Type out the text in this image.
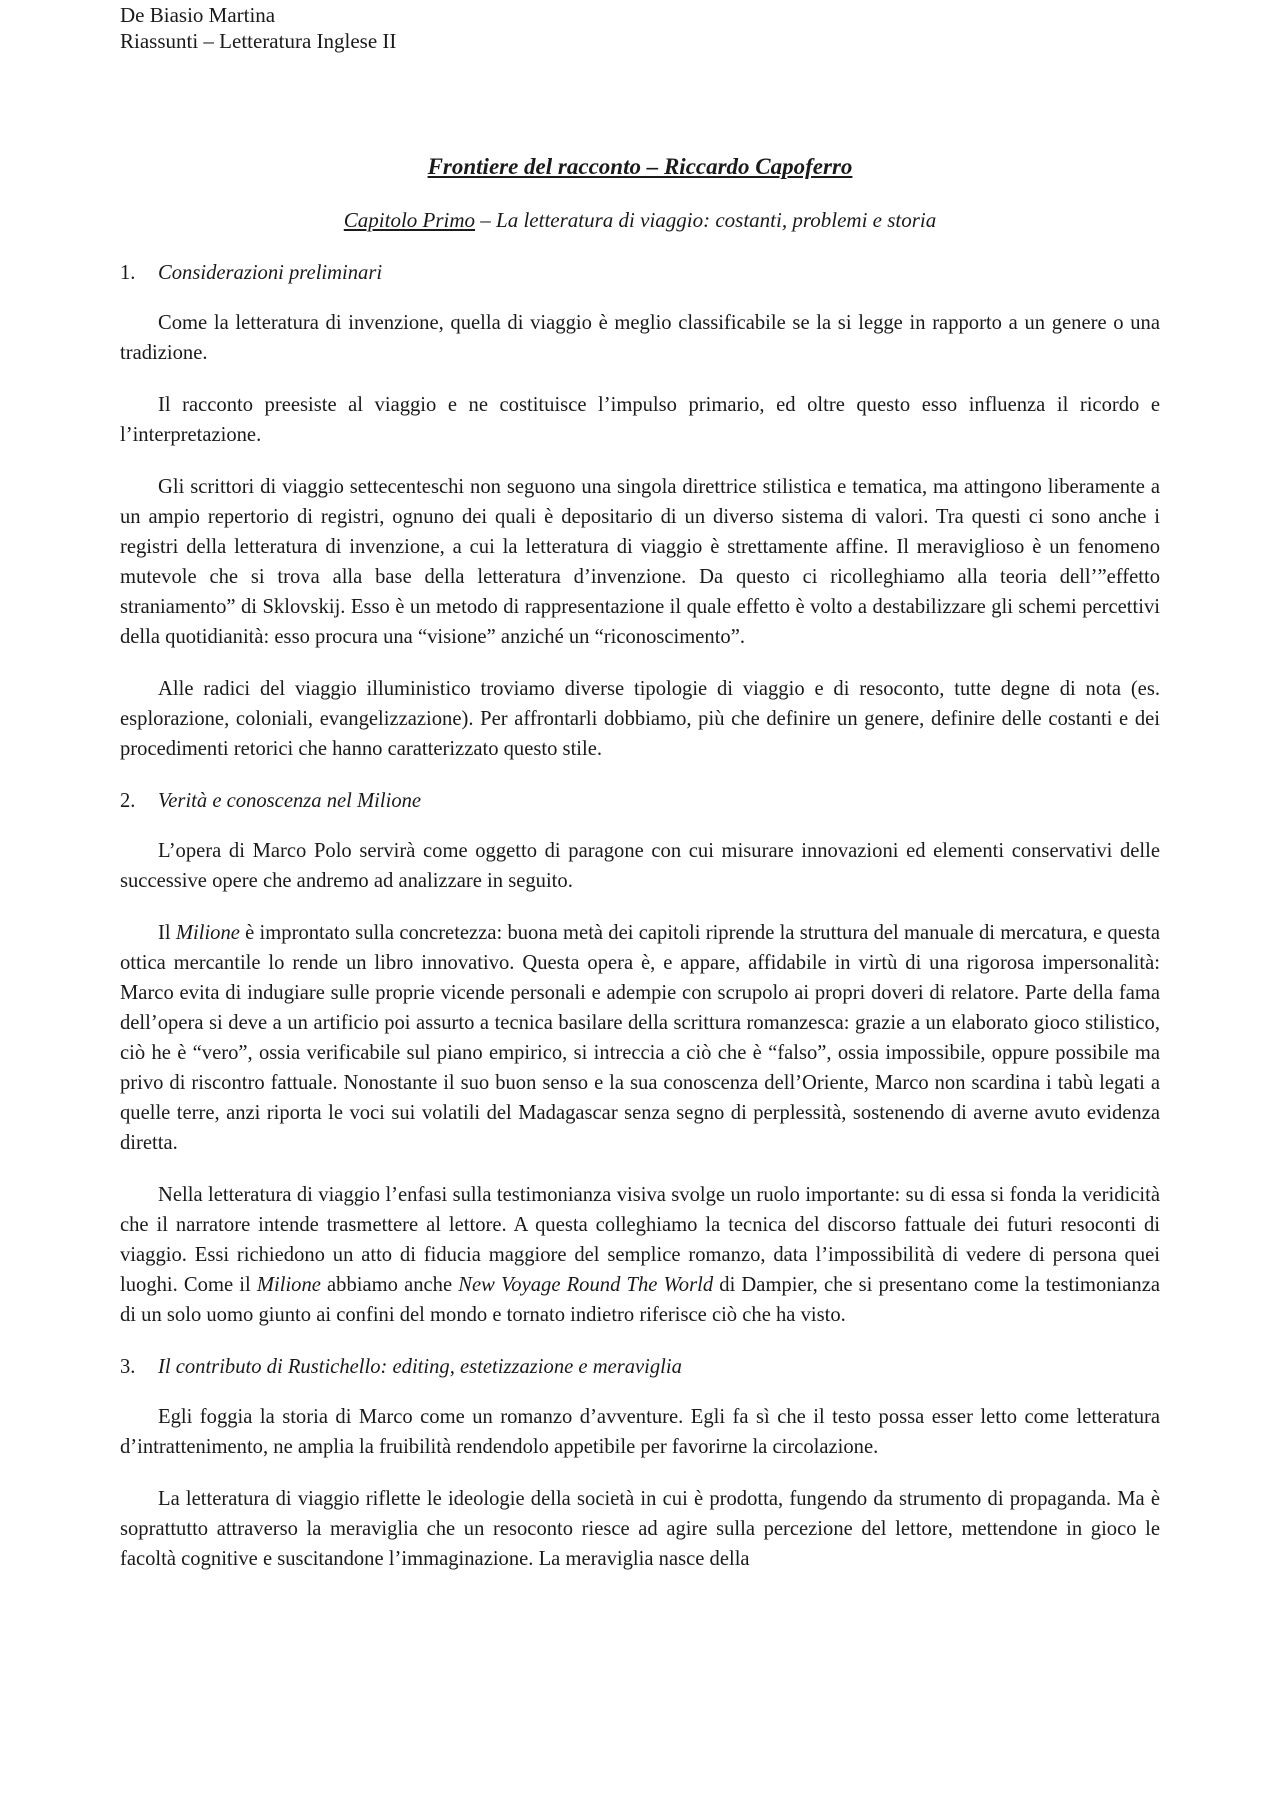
De Biasio Martina
Riassunti – Letteratura Inglese II
Frontiere del racconto – Riccardo Capoferro
Capitolo Primo – La letteratura di viaggio: costanti, problemi e storia
1.	Considerazioni preliminari

Come la letteratura di invenzione, quella di viaggio è meglio classificabile se la si legge in rapporto a un genere o una tradizione.

Il racconto preesiste al viaggio e ne costituisce l’impulso primario, ed oltre questo esso influenza il ricordo e l’interpretazione.

Gli scrittori di viaggio settecenteschi non seguono una singola direttrice stilistica e tematica, ma attingono liberamente a un ampio repertorio di registri, ognuno dei quali è depositario di un diverso sistema di valori. Tra questi ci sono anche i registri della letteratura di invenzione, a cui la letteratura di viaggio è strettamente affine. Il meraviglioso è un fenomeno mutevole che si trova alla base della letteratura d’invenzione. Da questo ci ricolleghiamo alla teoria dell’”effetto straniamento” di Sklovskij. Esso è un metodo di rappresentazione il quale effetto è volto a destabilizzare gli schemi percettivi della quotidianità: esso procura una “visione” anziché un “riconoscimento”.

Alle radici del viaggio illuministico troviamo diverse tipologie di viaggio e di resoconto, tutte degne di nota (es. esplorazione, coloniali, evangelizzazione). Per affrontarli dobbiamo, più che definire un genere, definire delle costanti e dei procedimenti retorici che hanno caratterizzato questo stile.

2.	Verità e conoscenza nel Milione

L’opera di Marco Polo servirà come oggetto di paragone con cui misurare innovazioni ed elementi conservativi delle successive opere che andremo ad analizzare in seguito.

Il Milione è improntato sulla concretezza: buona metà dei capitoli riprende la struttura del manuale di mercatura, e questa ottica mercantile lo rende un libro innovativo. Questa opera è, e appare, affidabile in virtù di una rigorosa impersonalità: Marco evita di indugiare sulle proprie vicende personali e adempie con scrupolo ai propri doveri di relatore. Parte della fama dell’opera si deve a un artificio poi assurto a tecnica basilare della scrittura romanzesca: grazie a un elaborato gioco stilistico, ciò he è “vero”, ossia verificabile sul piano empirico, si intreccia a ciò che è “falso”, ossia impossibile, oppure possibile ma privo di riscontro fattuale. Nonostante il suo buon senso e la sua conoscenza dell’Oriente, Marco non scardina i tabù legati a quelle terre, anzi riporta le voci sui volatili del Madagascar senza segno di perplessità, sostenendo di averne avuto evidenza diretta.

Nella letteratura di viaggio l’enfasi sulla testimonianza visiva svolge un ruolo importante: su di essa si fonda la veridicità che il narratore intende trasmettere al lettore. A questa colleghiamo la tecnica del discorso fattuale dei futuri resoconti di viaggio. Essi richiedono un atto di fiducia maggiore del semplice romanzo, data l’impossibilità di vedere di persona quei luoghi. Come il Milione abbiamo anche New Voyage Round The World di Dampier, che si presentano come la testimonianza di un solo uomo giunto ai confini del mondo e tornato indietro riferisce ciò che ha visto.

3.	Il contributo di Rustichello: editing, estetizzazione e meraviglia

Egli foggia la storia di Marco come un romanzo d’avventure. Egli fa sì che il testo possa esser letto come letteratura d’intrattenimento, ne amplia la fruibilità rendendolo appetibile per favorirne la circolazione.

La letteratura di viaggio riflette le ideologie della società in cui è prodotta, fungendo da strumento di propaganda. Ma è soprattutto attraverso la meraviglia che un resoconto riesce ad agire sulla percezione del lettore, mettendone in gioco le facoltà cognitive e suscitandone l’immaginazione. La meraviglia nasce della
